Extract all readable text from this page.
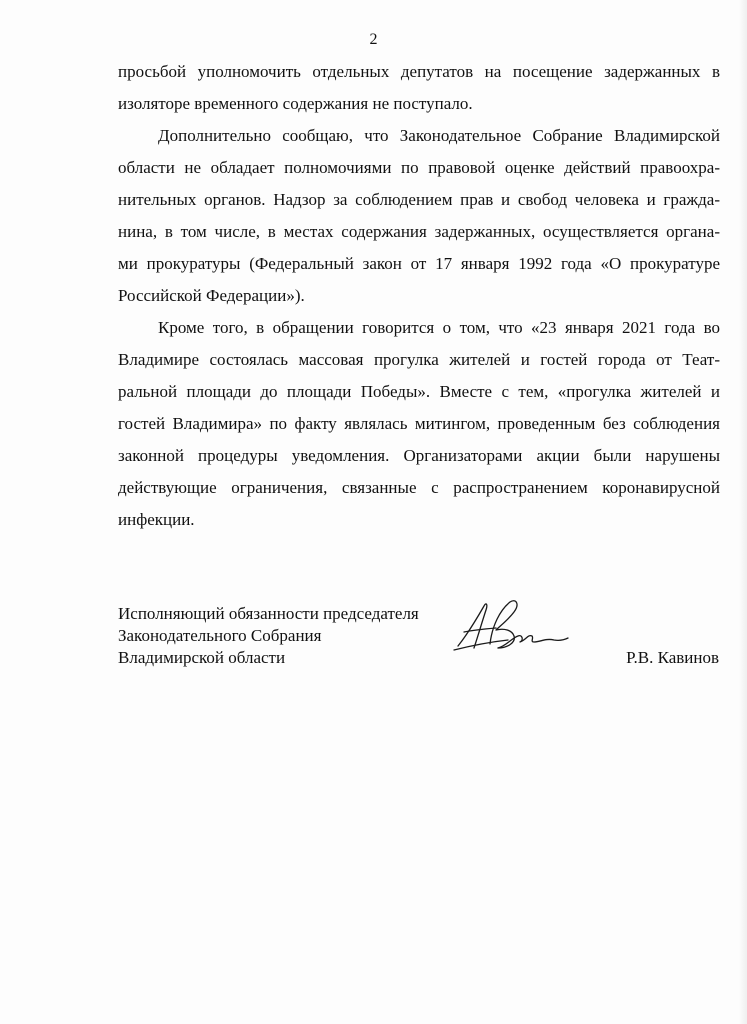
2
просьбой уполномочить отдельных депутатов на посещение задержанных в
изоляторе временного содержания не поступало.
Дополнительно сообщаю, что Законодательное Собрание Владимирской
области не обладает полномочиями по правовой оценке действий правоохра-
нительных органов. Надзор за соблюдением прав и свобод человека и гражда-
нина, в том числе, в местах содержания задержанных, осуществляется органа-
ми прокуратуры (Федеральный закон от 17 января 1992 года «О прокуратуре
Российской Федерации»).
Кроме того, в обращении говорится о том, что «23 января 2021 года во
Владимире состоялась массовая прогулка жителей и гостей города от Теат-
ральной площади до площади Победы». Вместе с тем, «прогулка жителей и
гостей Владимира» по факту являлась митингом, проведенным без соблюдения
законной процедуры уведомления. Организаторами акции были нарушены
действующие ограничения, связанные с распространением коронавирусной
инфекции.
Исполняющий обязанности председателя
Законодательного Собрания
Владимирской области	Р.В. Кавинов
